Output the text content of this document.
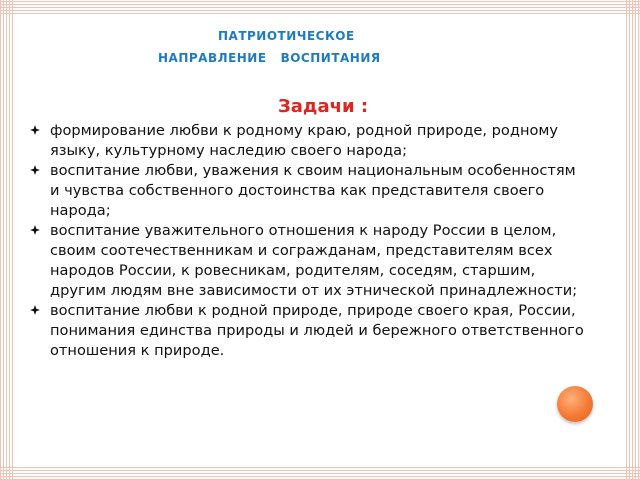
ПАТРИОТИЧЕСКОЕ
НАПРАВЛЕНИЕ   ВОСПИТАНИЯ
Задачи :
формирование любви к родному краю, родной природе, родному языку, культурному наследию своего народа;
воспитание любви, уважения к своим национальным особенностям и чувства собственного достоинства как представителя своего народа;
воспитание уважительного отношения к народу России в целом, своим соотечественникам и согражданам, представителям всех народов России, к ровесникам, родителям, соседям, старшим, другим людям вне зависимости от их этнической принадлежности;
воспитание любви к родной природе, природе своего края, России, понимания единства природы и людей и бережного ответственного отношения к природе.
